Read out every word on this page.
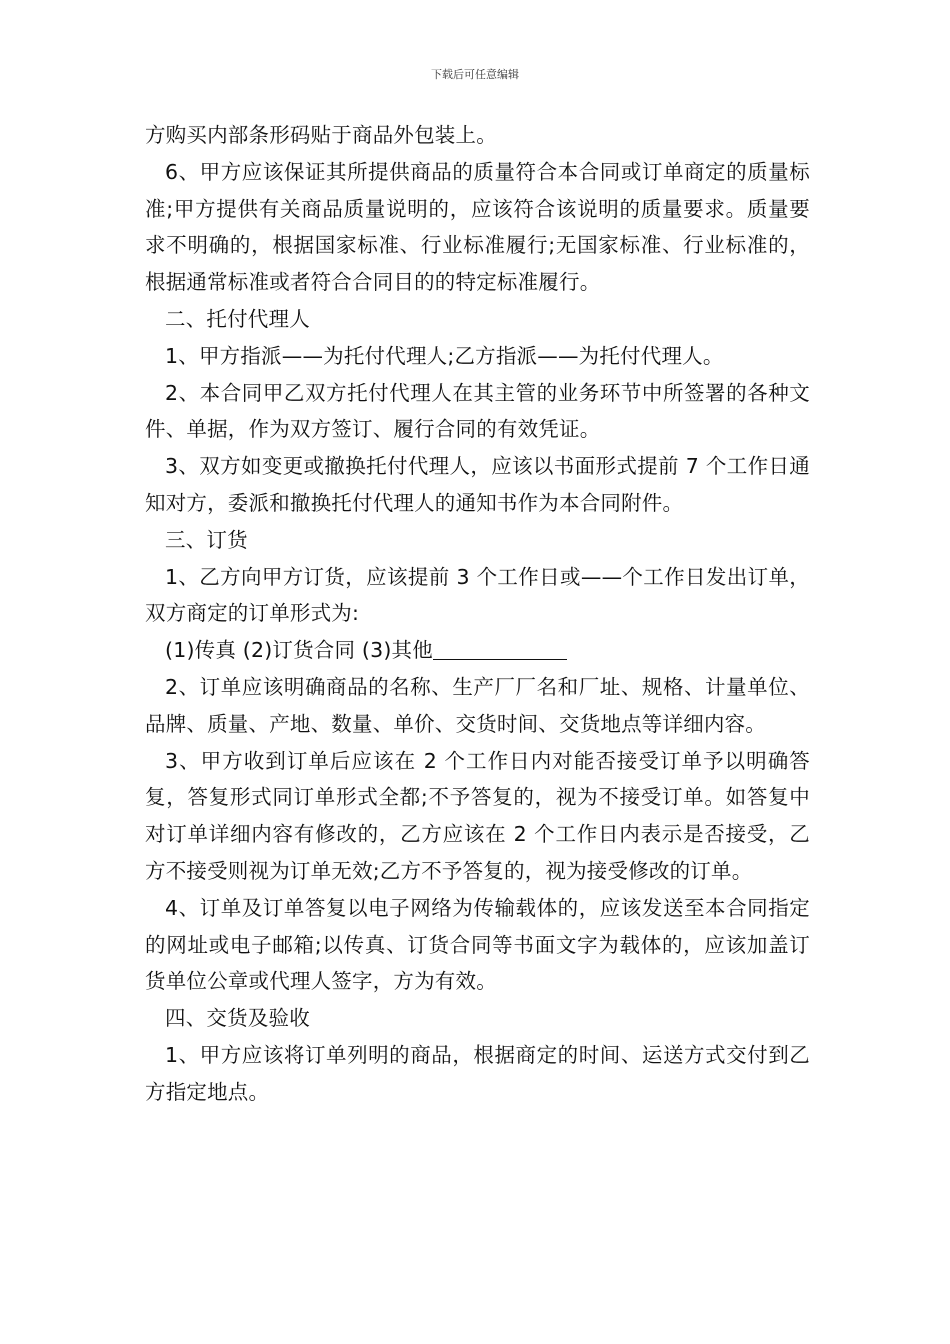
下载后可任意编辑

方购买内部条形码贴于商品外包装上。

6、甲方应该保证其所提供商品的质量符合本合同或订单商定的质量标准;甲方提供有关商品质量说明的，应该符合该说明的质量要求。质量要求不明确的，根据国家标准、行业标准履行;无国家标准、行业标准的，根据通常标准或者符合合同目的的特定标准履行。

二、托付代理人

1、甲方指派——为托付代理人;乙方指派——为托付代理人。

2、本合同甲乙双方托付代理人在其主管的业务环节中所签署的各种文件、单据，作为双方签订、履行合同的有效凭证。

3、双方如变更或撤换托付代理人，应该以书面形式提前 7 个工作日通知对方，委派和撤换托付代理人的通知书作为本合同附件。

三、订货

1、乙方向甲方订货，应该提前 3 个工作日或——个工作日发出订单，双方商定的订单形式为:

(1)传真 (2)订货合同 (3)其他

2、订单应该明确商品的名称、生产厂厂名和厂址、规格、计量单位、品牌、质量、产地、数量、单价、交货时间、交货地点等详细内容。

3、甲方收到订单后应该在 2 个工作日内对能否接受订单予以明确答复，答复形式同订单形式全都;不予答复的，视为不接受订单。如答复中对订单详细内容有修改的，乙方应该在 2 个工作日内表示是否接受，乙方不接受则视为订单无效;乙方不予答复的，视为接受修改的订单。

4、订单及订单答复以电子网络为传输载体的，应该发送至本合同指定的网址或电子邮箱;以传真、订货合同等书面文字为载体的，应该加盖订货单位公章或代理人签字，方为有效。

四、交货及验收

1、甲方应该将订单列明的商品，根据商定的时间、运送方式交付到乙方指定地点。
